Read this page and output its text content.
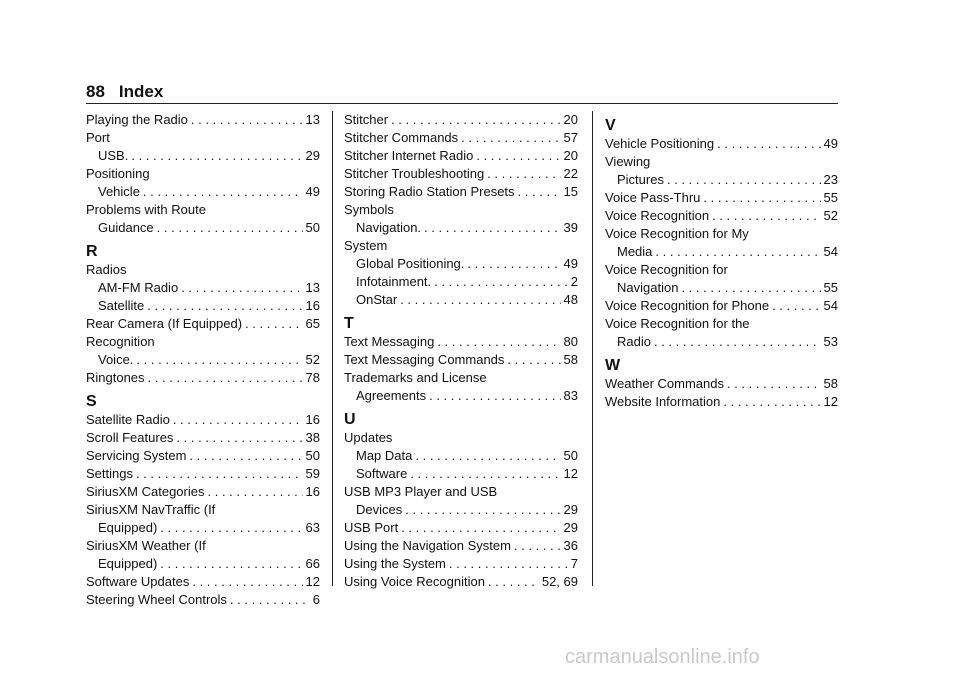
88 Index
Playing the Radio . . .	13
Port
USB. . . .	29
Positioning
Vehicle . . .	49
Problems with Route
Guidance . . .	50
R
Radios
AM-FM Radio . . .	13
Satellite . . .	16
Rear Camera (If Equipped) . . .	65
Recognition
Voice. . . .	52
Ringtones . . .	78
S
Satellite Radio . . .	16
Scroll Features . . .	38
Servicing System . . .	50
Settings . . .	59
SiriusXM Categories . . .	16
SiriusXM NavTraffic (If
Equipped) . . .	63
SiriusXM Weather (If
Equipped) . . .	66
Software Updates . . .	12
Steering Wheel Controls . . .	6
Stitcher . . .	20
Stitcher Commands . . .	57
Stitcher Internet Radio . . .	20
Stitcher Troubleshooting . . .	22
Storing Radio Station Presets . . .	15
Symbols
Navigation. . . .	39
System
Global Positioning. . . .	49
Infotainment. . . .	2
OnStar . . .	48
T
Text Messaging . . .	80
Text Messaging Commands . . .	58
Trademarks and License
Agreements . . .	83
U
Updates
Map Data . . .	50
Software . . .	12
USB MP3 Player and USB
Devices . . .	29
USB Port . . .	29
Using the Navigation System . . .	36
Using the System . . .	7
Using Voice Recognition . . .	52, 69
V
Vehicle Positioning . . .	49
Viewing
Pictures . . .	23
Voice Pass-Thru . . .	55
Voice Recognition . . .	52
Voice Recognition for My
Media . . .	54
Voice Recognition for
Navigation . . .	55
Voice Recognition for Phone . . .	54
Voice Recognition for the
Radio . . .	53
W
Weather Commands . . .	58
Website Information . . .	12
carmanualsonline.info
